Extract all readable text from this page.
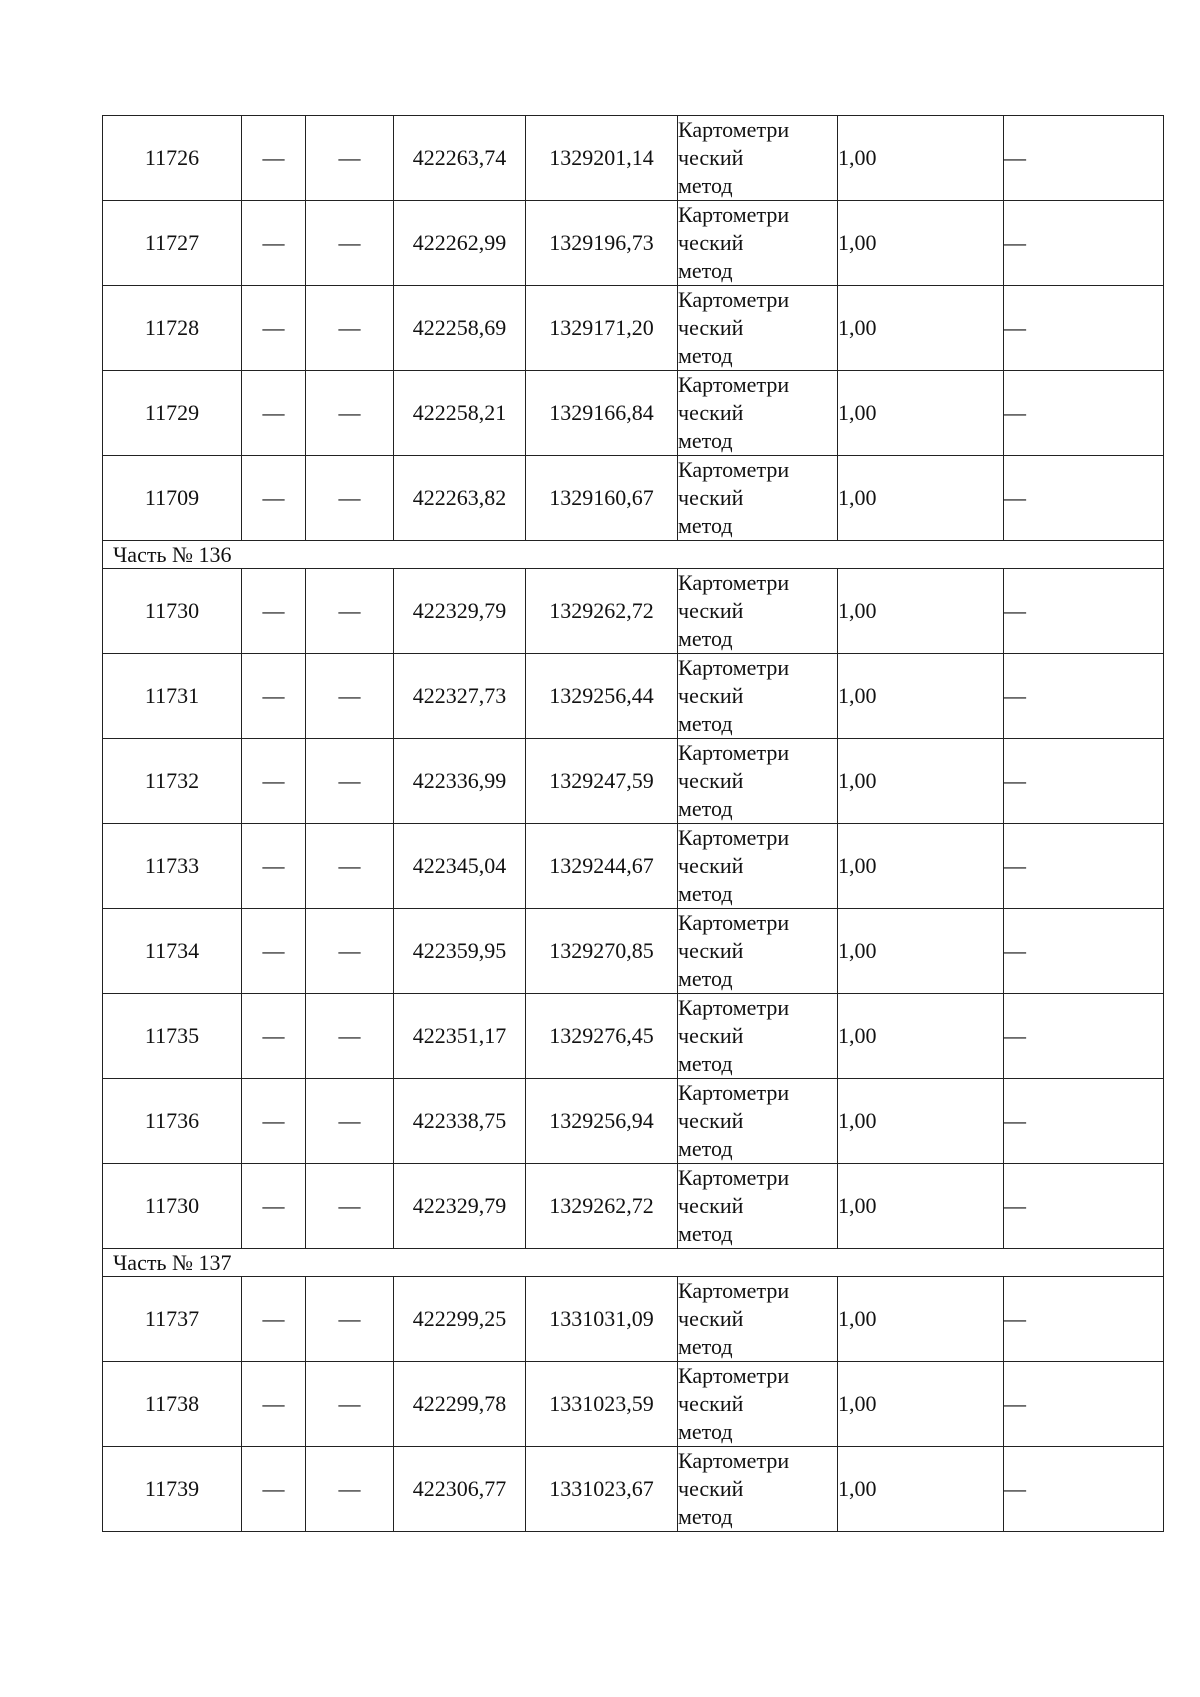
11726	—	—	422263,74	1329201,14	Картометри
ческий
метод	1,00	—
11727	—	—	422262,99	1329196,73	Картометри
ческий
метод	1,00	—
11728	—	—	422258,69	1329171,20	Картометри
ческий
метод	1,00	—
11729	—	—	422258,21	1329166,84	Картометри
ческий
метод	1,00	—
11709	—	—	422263,82	1329160,67	Картометри
ческий
метод	1,00	—
Часть № 136							
11730	—	—	422329,79	1329262,72	Картометри
ческий
метод	1,00	—
11731	—	—	422327,73	1329256,44	Картометри
ческий
метод	1,00	—
11732	—	—	422336,99	1329247,59	Картометри
ческий
метод	1,00	—
11733	—	—	422345,04	1329244,67	Картометри
ческий
метод	1,00	—
11734	—	—	422359,95	1329270,85	Картометри
ческий
метод	1,00	—
11735	—	—	422351,17	1329276,45	Картометри
ческий
метод	1,00	—
11736	—	—	422338,75	1329256,94	Картометри
ческий
метод	1,00	—
11730	—	—	422329,79	1329262,72	Картометри
ческий
метод	1,00	—
Часть № 137							
11737	—	—	422299,25	1331031,09	Картометри
ческий
метод	1,00	—
11738	—	—	422299,78	1331023,59	Картометри
ческий
метод	1,00	—
11739	—	—	422306,77	1331023,67	Картометри
ческий
метод	1,00	—
